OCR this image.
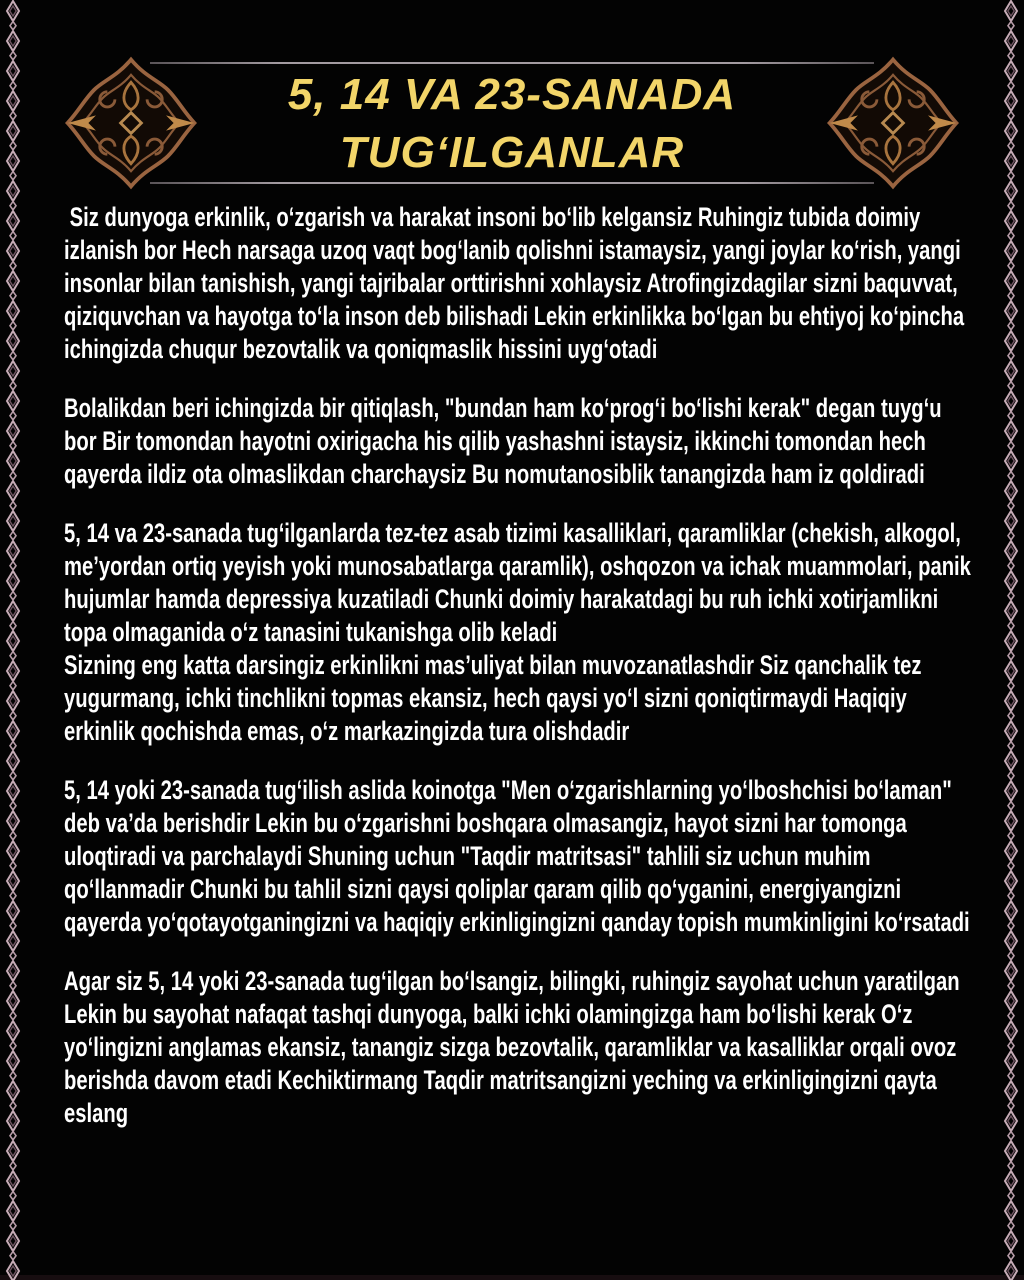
5, 14 VA 23-SANADA
TUG‘ILGANLAR

Siz dunyoga erkinlik, o‘zgarish va harakat insoni bo‘lib kelgansiz Ruhingiz tubida doimiy izlanish bor Hech narsaga uzoq vaqt bog‘lanib qolishni istamaysiz, yangi joylar ko‘rish, yangi insonlar bilan tanishish, yangi tajribalar orttirishni xohlaysiz Atrofingizdagilar sizni baquvvat, qiziquvchan va hayotga to‘la inson deb bilishadi Lekin erkinlikka bo‘lgan bu ehtiyoj ko‘pincha ichingizda chuqur bezovtalik va qoniqmaslik hissini uyg‘otadi

Bolalikdan beri ichingizda bir qitiqlash, "bundan ham ko‘prog‘i bo‘lishi kerak" degan tuyg‘u bor Bir tomondan hayotni oxirigacha his qilib yashashni istaysiz, ikkinchi tomondan hech qayerda ildiz ota olmaslikdan charchaysiz Bu nomutanosiblik tanangizda ham iz qoldiradi

5, 14 va 23-sanada tug‘ilganlarda tez-tez asab tizimi kasalliklari, qaramliklar (chekish, alkogol, me’yordan ortiq yeyish yoki munosabatlarga qaramlik), oshqozon va ichak muammolari, panik hujumlar hamda depressiya kuzatiladi Chunki doimiy harakatdagi bu ruh ichki xotirjamlikni topa olmaganida o‘z tanasini tukanishga olib keladi

Sizning eng katta darsingiz erkinlikni mas’uliyat bilan muvozanatlashdir Siz qanchalik tez yugurmang, ichki tinchlikni topmas ekansiz, hech qaysi yo‘l sizni qoniqtirmaydi Haqiqiy erkinlik qochishda emas, o‘z markazingizda tura olishdadir

5, 14 yoki 23-sanada tug‘ilish aslida koinotga "Men o‘zgarishlarning yo‘lboshchisi bo‘laman" deb va’da berishdir Lekin bu o‘zgarishni boshqara olmasangiz, hayot sizni har tomonga uloqtiradi va parchalaydi Shuning uchun "Taqdir matritsasi" tahlili siz uchun muhim qo‘llanmadir Chunki bu tahlil sizni qaysi qoliplar qaram qilib qo‘yganini, energiyangizni qayerda yo‘qotayotganingizni va haqiqiy erkinligingizni qanday topish mumkinligini ko‘rsatadi

Agar siz 5, 14 yoki 23-sanada tug‘ilgan bo‘lsangiz, bilingki, ruhingiz sayohat uchun yaratilgan Lekin bu sayohat nafaqat tashqi dunyoga, balki ichki olamingizga ham bo‘lishi kerak O‘z yo‘lingizni anglamas ekansiz, tanangiz sizga bezovtalik, qaramliklar va kasalliklar orqali ovoz berishda davom etadi Kechiktirmang Taqdir matritsangizni yeching va erkinligingizni qayta eslang
